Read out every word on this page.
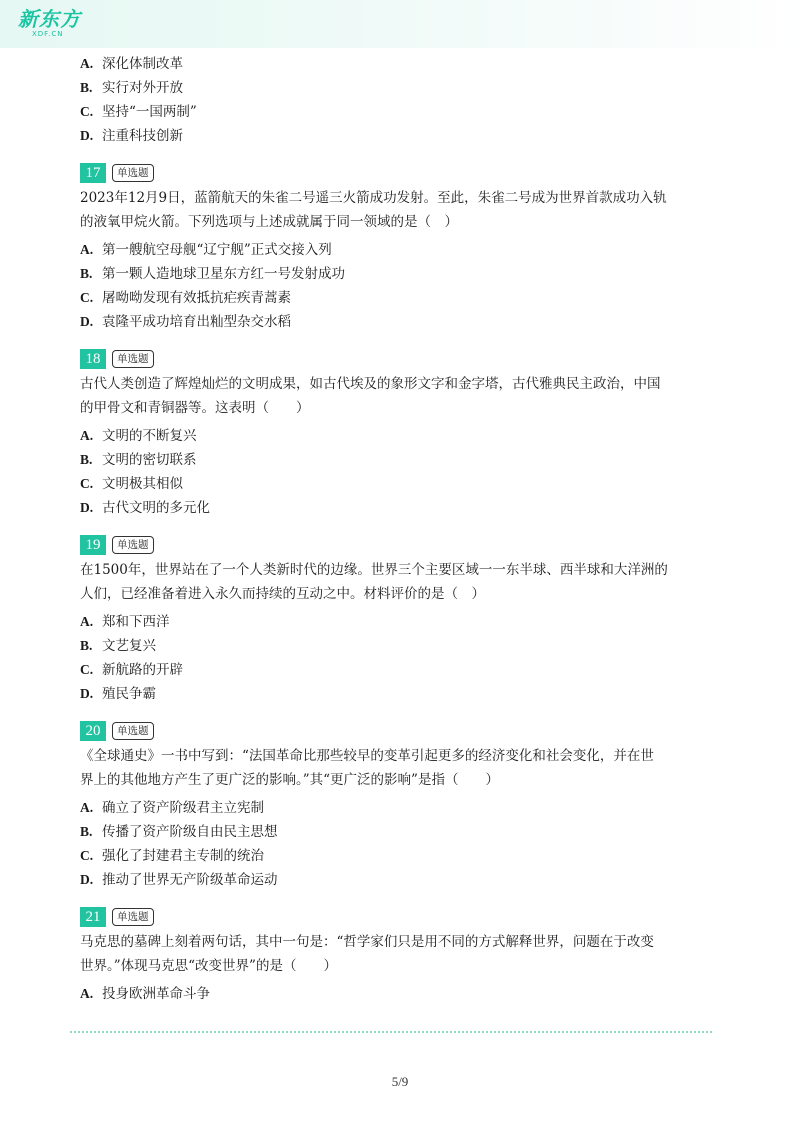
新东方
XDF.CN
A. 深化体制改革
B. 实行对外开放
C. 坚持“一国两制”
D. 注重科技创新
17	单选题
2023年12月9日，蓝箭航天的朱雀二号遥三火箭成功发射。至此，朱雀二号成为世界首款成功入轨
的液氧甲烷火箭。下列选项与上述成就属于同一领域的是（　）
A. 第一艘航空母舰“辽宁舰”正式交接入列
B. 第一颗人造地球卫星东方红一号发射成功
C. 屠呦呦发现有效抵抗疟疾青蒿素
D. 袁隆平成功培育出籼型杂交水稻
18	单选题
古代人类创造了辉煌灿烂的文明成果，如古代埃及的象形文字和金字塔，古代雅典民主政治，中国
的甲骨文和青铜器等。这表明（　　）
A. 文明的不断复兴
B. 文明的密切联系
C. 文明极其相似
D. 古代文明的多元化
19	单选题
在1500年，世界站在了一个人类新时代的边缘。世界三个主要区域一一东半球、西半球和大洋洲的
人们，已经准备着进入永久而持续的互动之中。材料评价的是（　）
A. 郑和下西洋
B. 文艺复兴
C. 新航路的开辟
D. 殖民争霸
20	单选题
《全球通史》一书中写到：“法国革命比那些较早的变革引起更多的经济变化和社会变化，并在世
界上的其他地方产生了更广泛的影响。”其“更广泛的影响”是指（　　）
A. 确立了资产阶级君主立宪制
B. 传播了资产阶级自由民主思想
C. 强化了封建君主专制的统治
D. 推动了世界无产阶级革命运动
21	单选题
马克思的墓碑上刻着两句话，其中一句是：“哲学家们只是用不同的方式解释世界，问题在于改变
世界。”体现马克思“改变世界”的是（　　）
A. 投身欧洲革命斗争
5/9
